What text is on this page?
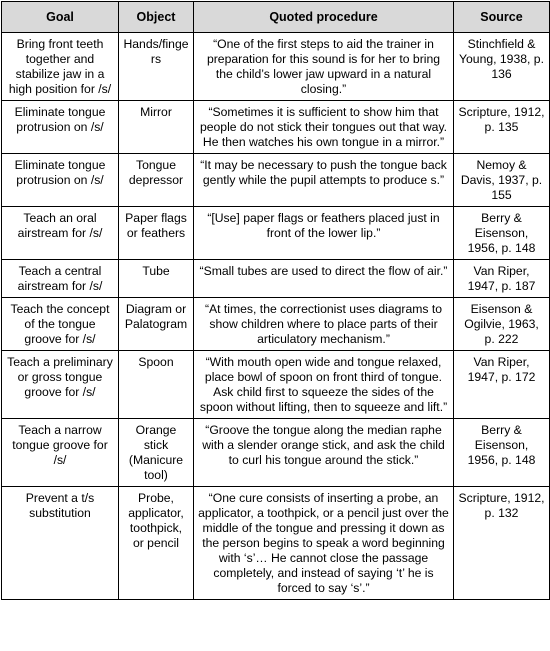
Goal	Object	Quoted procedure	Source
Bring front teeth together and stabilize jaw in a high position for /s/	Hands/fingers	“One of the first steps to aid the trainer in preparation for this sound is for her to bring the child’s lower jaw upward in a natural closing.”	Stinchfield & Young, 1938, p. 136
Eliminate tongue protrusion on /s/	Mirror	“Sometimes it is sufficient to show him that people do not stick their tongues out that way. He then watches his own tongue in a mirror.”	Scripture, 1912, p. 135
Eliminate tongue protrusion on /s/	Tongue depressor	“It may be necessary to push the tongue back gently while the pupil attempts to produce s.”	Nemoy & Davis, 1937, p. 155
Teach an oral airstream for /s/	Paper flags or feathers	“[Use] paper flags or feathers placed just in front of the lower lip.”	Berry & Eisenson, 1956, p. 148
Teach a central airstream for /s/	Tube	“Small tubes are used to direct the flow of air.”	Van Riper, 1947, p. 187
Teach the concept of the tongue groove for /s/	Diagram or Palatogram	“At times, the correctionist uses diagrams to show children where to place parts of their articulatory mechanism.”	Eisenson & Ogilvie, 1963, p. 222
Teach a preliminary or gross tongue groove for /s/	Spoon	“With mouth open wide and tongue relaxed, place bowl of spoon on front third of tongue. Ask child first to squeeze the sides of the spoon without lifting, then to squeeze and lift.”	Van Riper, 1947, p. 172
Teach a narrow tongue groove for /s/	Orange stick (Manicure tool)	“Groove the tongue along the median raphe with a slender orange stick, and ask the child to curl his tongue around the stick.”	Berry & Eisenson, 1956, p. 148
Prevent a t/s substitution	Probe, applicator, toothpick, or pencil	“One cure consists of inserting a probe, an applicator, a toothpick, or a pencil just over the middle of the tongue and pressing it down as the person begins to speak a word beginning with ‘s’… He cannot close the passage completely, and instead of saying ‘t’ he is forced to say ‘s’.”	Scripture, 1912, p. 132
